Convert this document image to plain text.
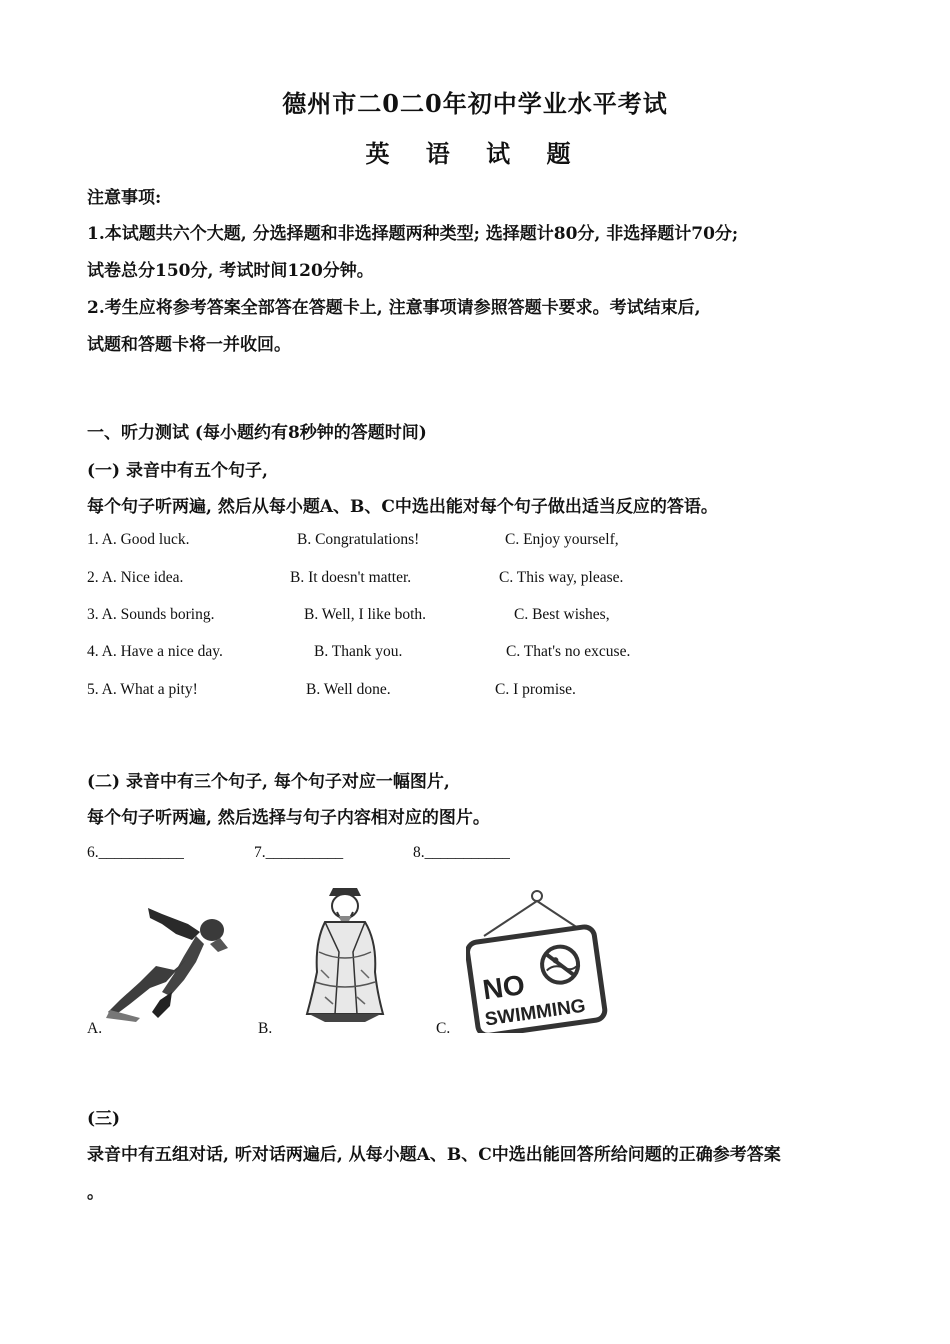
德州市二0二0年初中学业水平考试
英 语 试 题
注意事项:
1.本试题共六个大题, 分选择题和非选择题两种类型; 选择题计80分, 非选择题计70分;
试卷总分150分, 考试时间120分钟。
2.考生应将参考答案全部答在答题卡上, 注意事项请参照答题卡要求。考试结束后,
试题和答题卡将一并收回。
一、听力测试 (每小题约有8秒钟的答题时间)
(一) 录音中有五个句子,
每个句子听两遍, 然后从每小题A、B、C中选出能对每个句子做出适当反应的答语。
1. A. Good luck.	B. Congratulations!	C. Enjoy yourself,
2. A. Nice idea.	B. It doesn't matter.	C. This way, please.
3. A. Sounds boring.	B. Well, I like both.	C. Best wishes,
4. A. Have a nice day.	B. Thank you.	C. That's no excuse.
5. A. What a pity!	B. Well done.	C. I promise.
(二) 录音中有三个句子, 每个句子对应一幅图片,
每个句子听两遍, 然后选择与句子内容相对应的图片。
6.___________	7.__________	8.___________
A.	B.
NO
SWIMMING
C.
(三)
录音中有五组对话, 听对话两遍后, 从每小题A、B、C中选出能回答所给问题的正确参考答案
。
